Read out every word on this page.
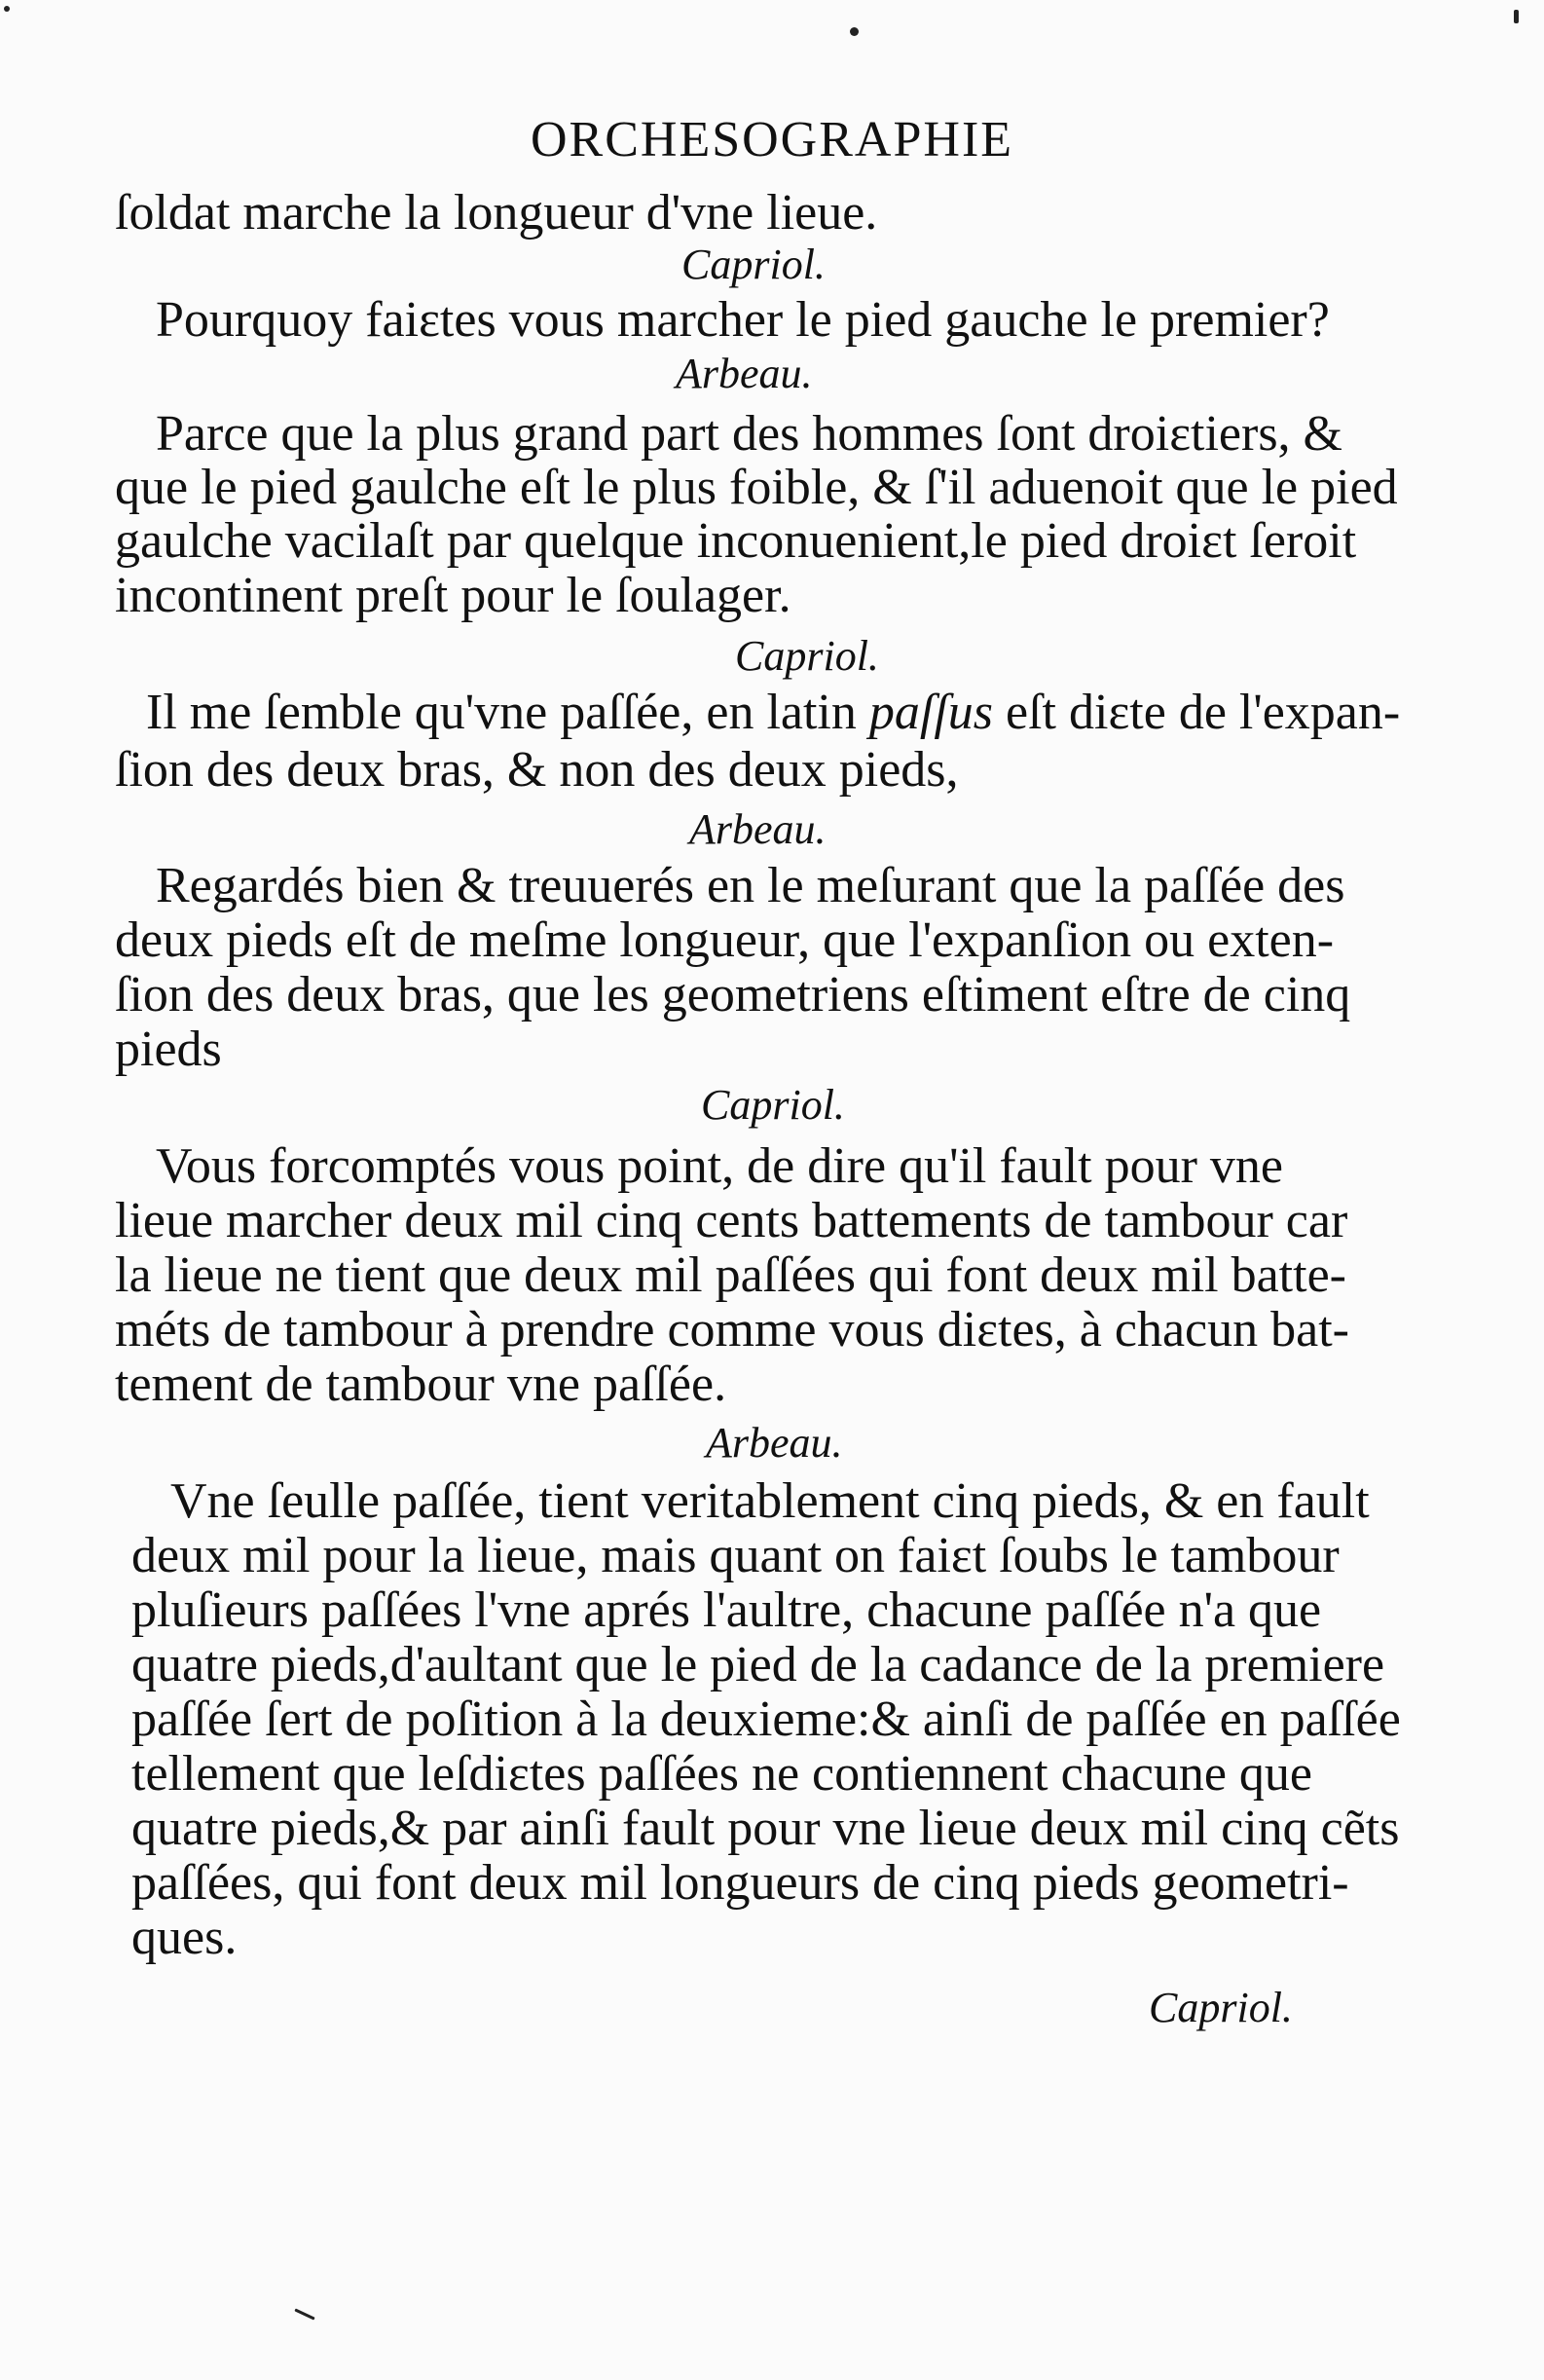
ORCHESOGRAPHIE
ſoldat marche la longueur d'vne lieue.
Capriol.
Pourquoy faiɛtes vous marcher le pied gauche le premier?
Arbeau.
Parce que la plus grand part des hommes ſont droiɛtiers, &
que le pied gaulche eſt le plus foible, & ſ'il aduenoit que le pied
gaulche vacilaſt par quelque inconuenient,le pied droiɛt ſeroit
incontinent preſt pour le ſoulager.
Capriol.
Il me ſemble qu'vne paſſée, en latin paſſus eſt diɛte de l'expan-
ſion des deux bras, & non des deux pieds,
Arbeau.
Regardés bien & treuuerés en le meſurant que la paſſée des
deux pieds eſt de meſme longueur, que l'expanſion ou exten-
ſion des deux bras, que les geometriens eſtiment eſtre de cinq
pieds
Capriol.
Vous forcomptés vous point, de dire qu'il fault pour vne
lieue marcher deux mil cinq cents battements de tambour car
la lieue ne tient que deux mil paſſées qui font deux mil batte-
méts de tambour à prendre comme vous diɛtes, à chacun bat-
tement de tambour vne paſſée.
Arbeau.
Vne ſeulle paſſée, tient veritablement cinq pieds, & en fault
deux mil pour la lieue, mais quant on faiɛt ſoubs le tambour
pluſieurs paſſées l'vne aprés l'aultre, chacune paſſée n'a que
quatre pieds,d'aultant que le pied de la cadance de la premiere
paſſée ſert de poſition à la deuxieme:& ainſi de paſſée en paſſée
tellement que leſdiɛtes paſſées ne contiennent chacune que
quatre pieds,& par ainſi fault pour vne lieue deux mil cinq cẽts
paſſées, qui font deux mil longueurs de cinq pieds geometri-
ques.
Capriol.
